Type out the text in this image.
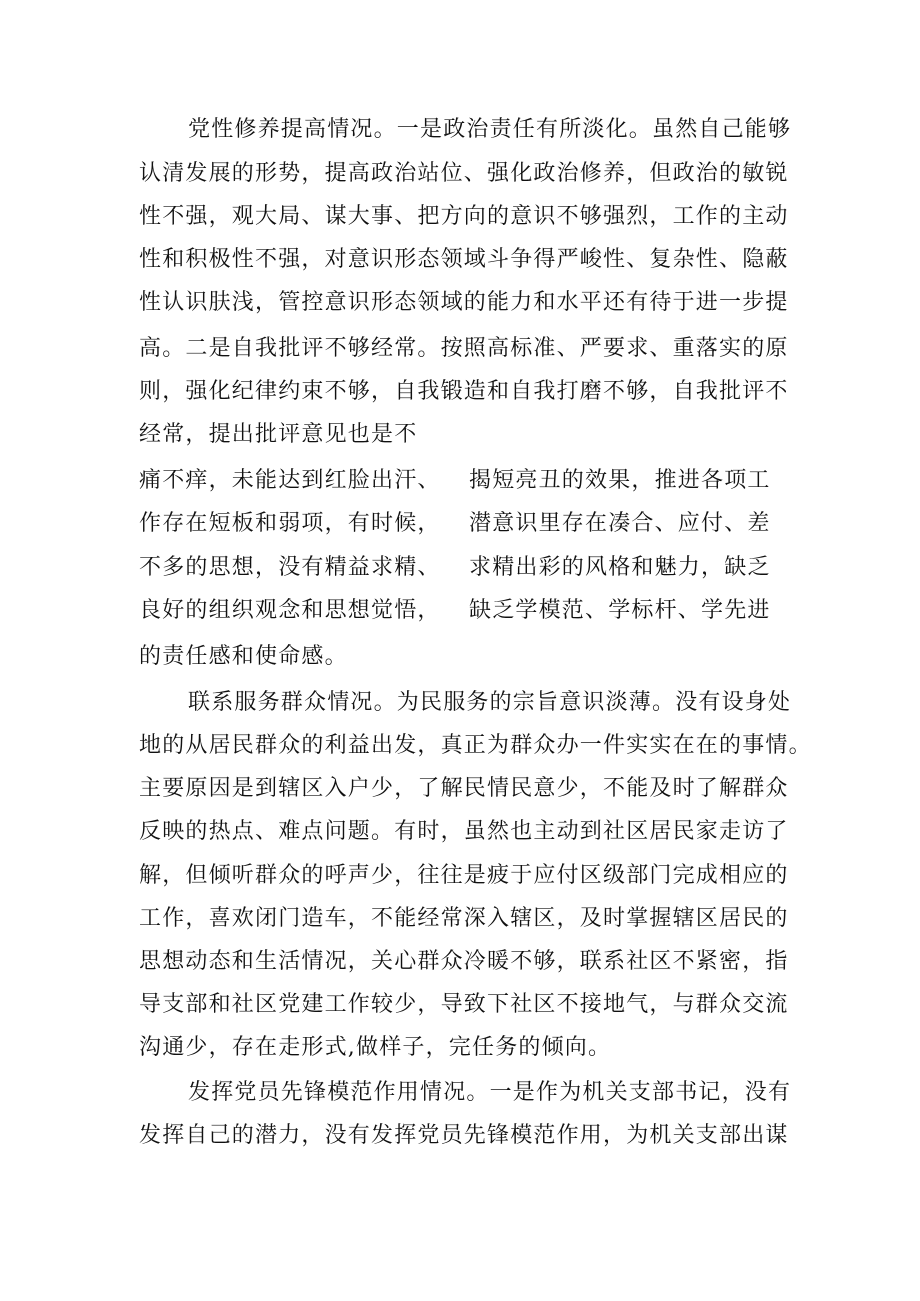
党性修养提高情况。一是政治责任有所淡化。虽然自己能够
认清发展的形势，提高政治站位、强化政治修养，但政治的敏锐
性不强，观大局、谋大事、把方向的意识不够强烈，工作的主动
性和积极性不强，对意识形态领域斗争得严峻性、复杂性、隐蔽
性认识肤浅，管控意识形态领域的能力和水平还有待于进一步提
高。二是自我批评不够经常。按照高标准、严要求、重落实的原
则，强化纪律约束不够，自我锻造和自我打磨不够，自我批评不
经常，提出批评意见也是不
痛不痒，未能达到红脸出汗、
作存在短板和弱项，有时候，
不多的思想，没有精益求精、
良好的组织观念和思想觉悟，
的责任感和使命感。
揭短亮丑的效果，推进各项工
潜意识里存在凑合、应付、差
求精出彩的风格和魅力，缺乏
缺乏学模范、学标杆、学先进
联系服务群众情况。为民服务的宗旨意识淡薄。没有设身处
地的从居民群众的利益出发，真正为群众办一件实实在在的事情。
主要原因是到辖区入户少，了解民情民意少，不能及时了解群众
反映的热点、难点问题。有时，虽然也主动到社区居民家走访了
解，但倾听群众的呼声少，往往是疲于应付区级部门完成相应的
工作，喜欢闭门造车，不能经常深入辖区，及时掌握辖区居民的
思想动态和生活情况，关心群众冷暖不够，联系社区不紧密，指
导支部和社区党建工作较少，导致下社区不接地气，与群众交流
沟通少，存在走形式,做样子，完任务的倾向。
发挥党员先锋模范作用情况。一是作为机关支部书记，没有
发挥自己的潜力，没有发挥党员先锋模范作用，为机关支部出谋
